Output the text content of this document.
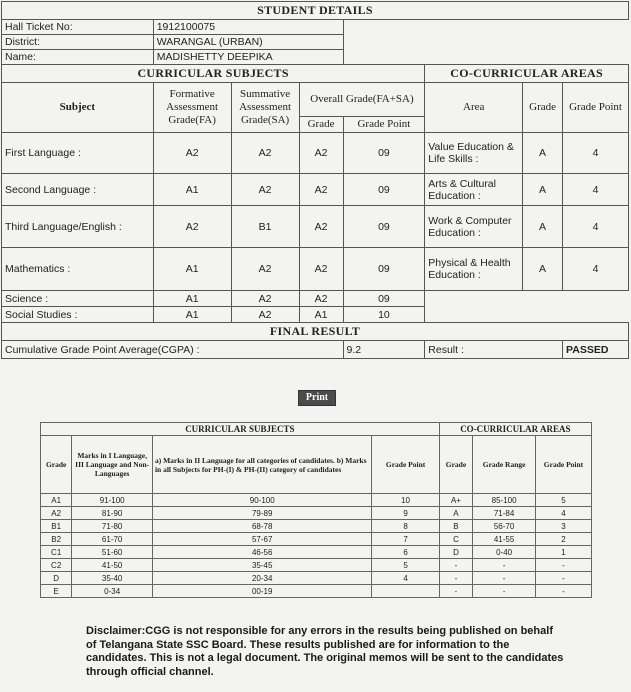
STUDENT DETAILS							
Hall Ticket No:	1912100075						
District:	WARANGAL (URBAN)						
Name:	MADISHETTY DEEPIKA						
CURRICULAR SUBJECTS					CO-CURRICULAR AREAS		
Subject	Formative Assessment Grade(FA)	Summative Assessment Grade(SA)	Overall Grade(FA+SA)		Area	Grade	Grade Point
			Grade	Grade Point			
First Language :	A2	A2	A2	09	Value Education & Life Skills :	A	4
Second Language :	A1	A2	A2	09	Arts & Cultural Education :	A	4
Third Language/English :	A2	B1	A2	09	Work & Computer Education :	A	4
Mathematics :	A1	A2	A2	09	Physical & Health Education :	A	4
Science :	A1	A2	A2	09			
Social Studies :	A1	A2	A1	10			
FINAL RESULT							
Cumulative Grade Point Average(CGPA) :				9.2	Result :		PASSED
Print
CURRICULAR SUBJECTS				CO-CURRICULAR AREAS		
Grade	Marks in I Language, III Language and Non-Languages	a) Marks in II Language for all categories of candidates. b) Marks in all Subjects for PH-(I) & PH-(II) category of candidates	Grade Point	Grade	Grade Range	Grade Point
A1	91-100	90-100	10	A+	85-100	5
A2	81-90	79-89	9	A	71-84	4
B1	71-80	68-78	8	B	56-70	3
B2	61-70	57-67	7	C	41-55	2
C1	51-60	46-56	6	D	0-40	1
C2	41-50	35-45	5	-	-	-
D	35-40	20-34	4	-	-	-
E	0-34	00-19		-	-	-
Disclaimer:CGG is not responsible for any errors in the results being published on behalf of Telangana State SSC Board. These results published are for information to the candidates. This is not a legal document. The original memos will be sent to the candidates through official channel.
